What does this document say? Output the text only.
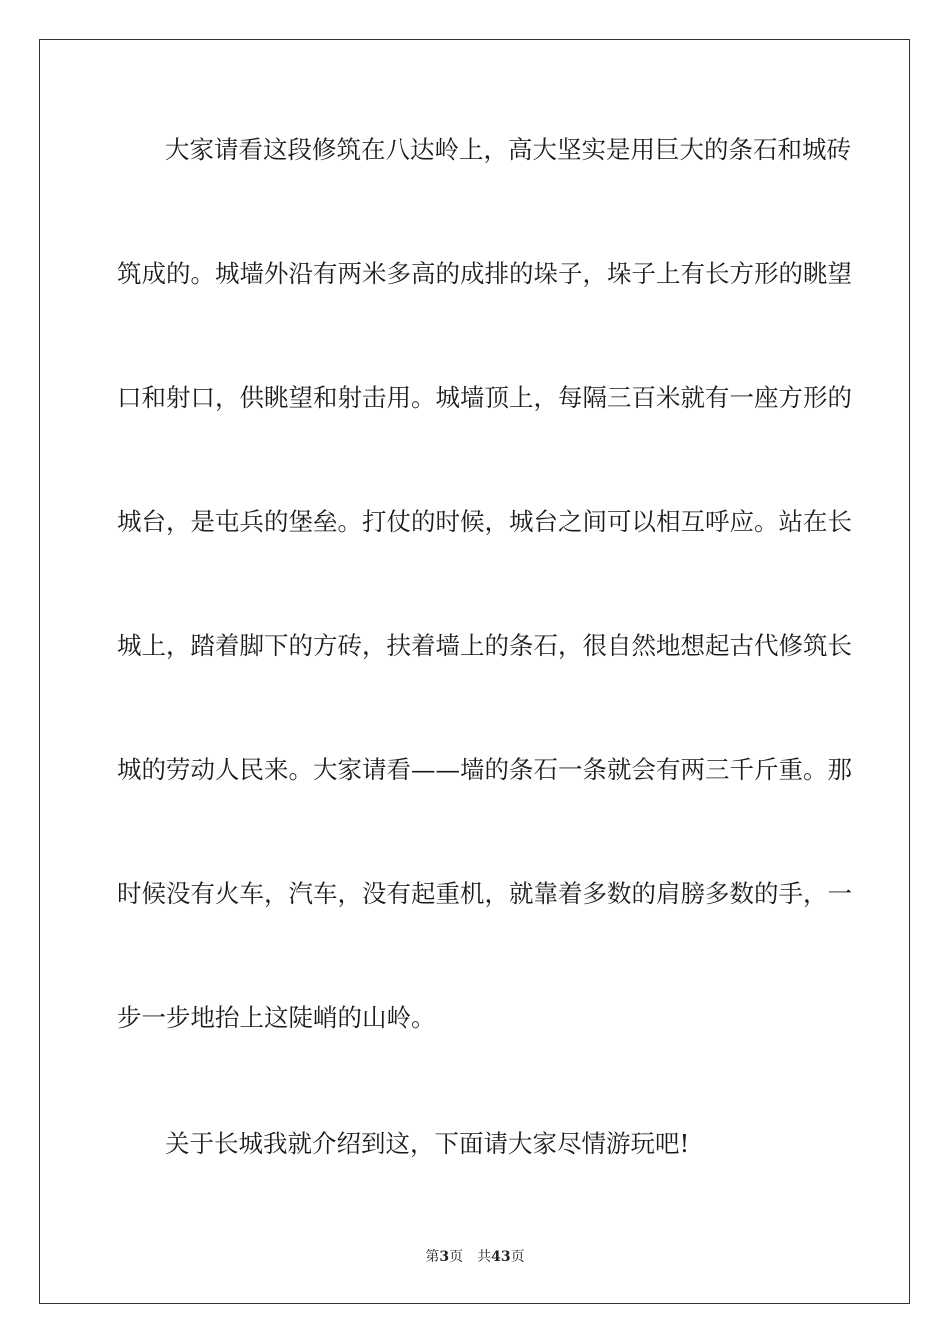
大家请看这段修筑在八达岭上，高大坚实是用巨大的条石和城砖
筑成的。城墙外沿有两米多高的成排的垛子，垛子上有长方形的眺望
口和射口，供眺望和射击用。城墙顶上，每隔三百米就有一座方形的
城台，是屯兵的堡垒。打仗的时候，城台之间可以相互呼应。站在长
城上，踏着脚下的方砖，扶着墙上的条石，很自然地想起古代修筑长
城的劳动人民来。大家请看——墙的条石一条就会有两三千斤重。那
时候没有火车，汽车，没有起重机，就靠着多数的肩膀多数的手，一
步一步地抬上这陡峭的山岭。
关于长城我就介绍到这，下面请大家尽情游玩吧!
第3页 共43页
